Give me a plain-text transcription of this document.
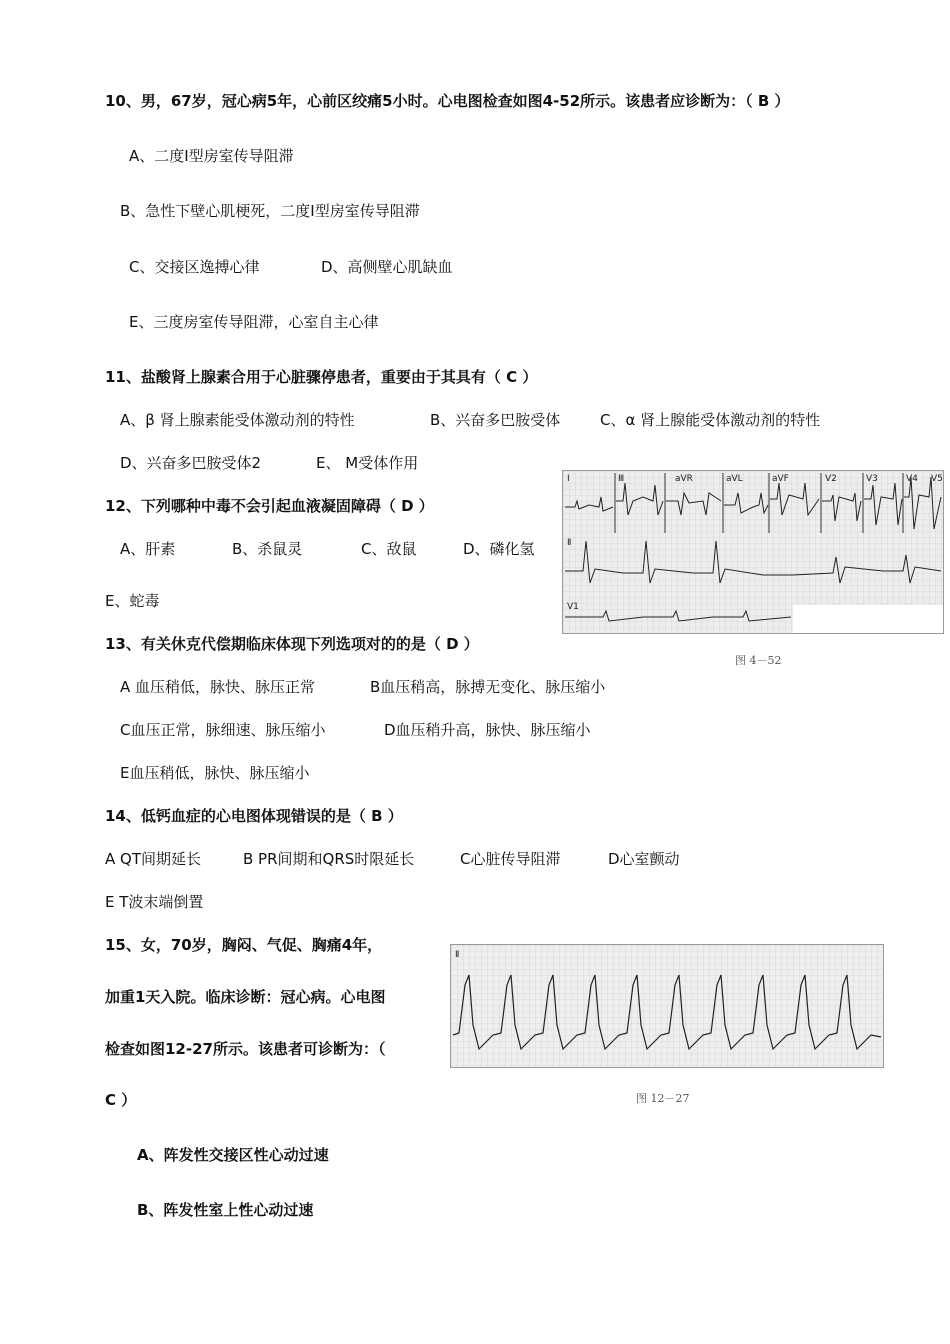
10、男，67岁，冠心病5年，心前区绞痛5小时。心电图检查如图4-52所示。该患者应诊断为：（ B ）
A、二度Ⅰ型房室传导阻滞
B、急性下壁心肌梗死，二度Ⅰ型房室传导阻滞
C、交接区逸搏心律	D、高侧壁心肌缺血
E、三度房室传导阻滞，心室自主心律
11、盐酸肾上腺素合用于心脏骤停患者，重要由于其具有（ C ）
A、β 肾上腺素能受体激动剂的特性	B、兴奋多巴胺受体	C、α 肾上腺能受体激动剂的特性
D、兴奋多巴胺受体2	E、 M受体作用
12、下列哪种中毒不会引起血液凝固障碍（ D ）
A、肝素	B、杀鼠灵	C、敌鼠	D、磷化氢
E、蛇毒
13、有关休克代偿期临床体现下列选项对的的是（ D ）
A 血压稍低，脉快、脉压正常	B血压稍高，脉搏无变化、脉压缩小
C血压正常，脉细速、脉压缩小	D血压稍升高，脉快、脉压缩小
E血压稍低，脉快、脉压缩小
14、低钙血症的心电图体现错误的是（ B ）
A QT间期延长	B PR间期和QRS时限延长	C心脏传导阻滞	D心室颤动
E T波末端倒置
15、女，70岁，胸闷、气促、胸痛4年，
加重1天入院。临床诊断：冠心病。心电图
检查如图12-27所示。该患者可诊断为：（
C ）
A、阵发性交接区性心动过速
B、阵发性室上性心动过速
Ⅰ	Ⅲ	aVR	aVL	aVF	V2	V3	V4 V5
Ⅱ
V1
图 4－52
Ⅱ
图 12－27
